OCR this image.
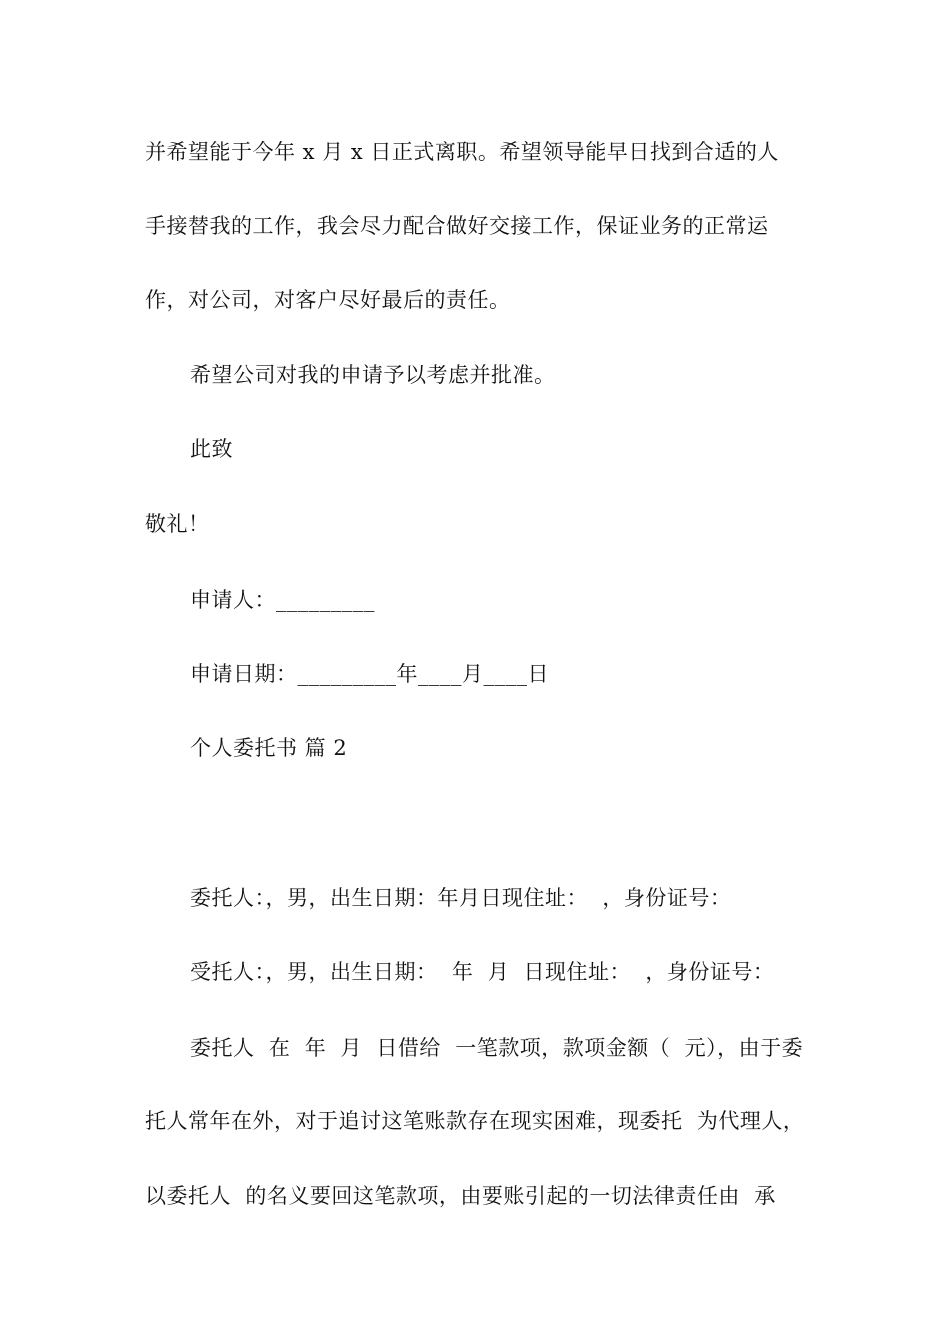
并希望能于今年 x 月 x 日正式离职。希望领导能早日找到合适的人
手接替我的工作，我会尽力配合做好交接工作，保证业务的正常运
作，对公司，对客户尽好最后的责任。
希望公司对我的申请予以考虑并批准。
此致
敬礼！
申请人：_________
申请日期：_________年____月____日
个人委托书 篇 2
委托人：，男，出生日期：年月日现住址：  ，身份证号：
受托人：，男，出生日期：  年  月  日现住址：  ，身份证号：
委托人  在  年  月  日借给  一笔款项，款项金额（  元），由于委
托人常年在外，对于追讨这笔账款存在现实困难，现委托  为代理人，
以委托人  的名义要回这笔款项，由要账引起的一切法律责任由  承
